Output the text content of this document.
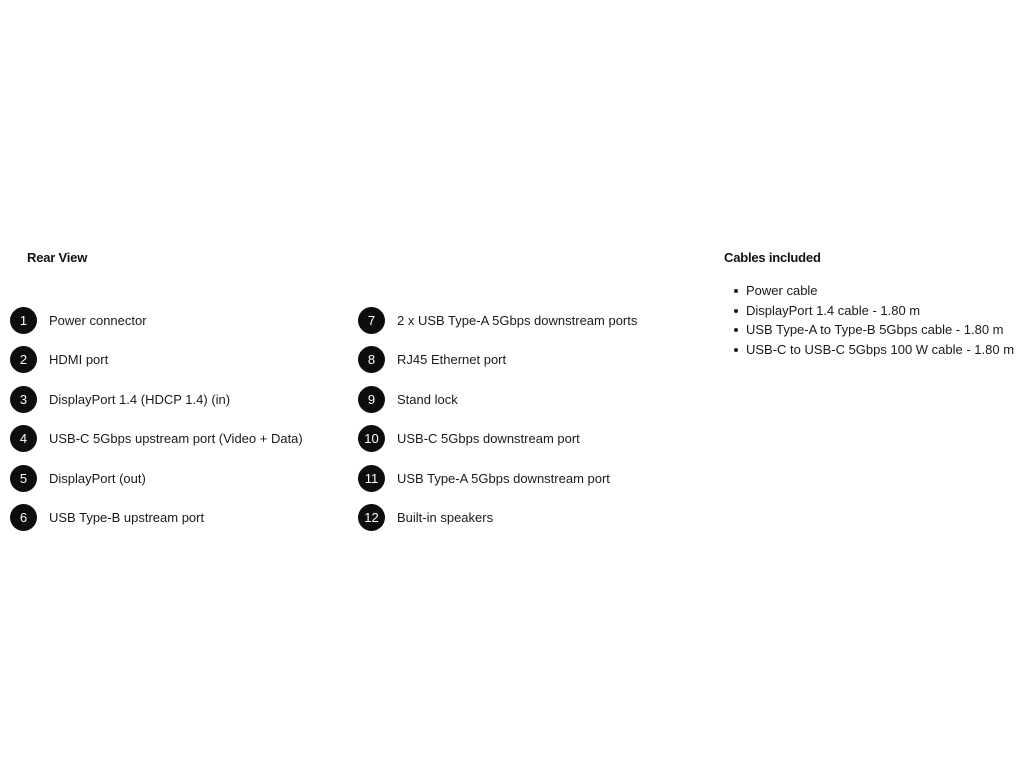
Rear View
1	Power connector
2	HDMI port
3	DisplayPort 1.4 (HDCP 1.4) (in)
4	USB-C 5Gbps upstream port (Video + Data)
5	DisplayPort (out)
6	USB Type-B upstream port
7	2 x USB Type-A 5Gbps downstream ports
8	RJ45 Ethernet port
9	Stand lock
10	USB-C 5Gbps downstream port
11	USB Type-A 5Gbps downstream port
12	Built-in speakers
Cables included
Power cable
DisplayPort 1.4 cable - 1.80 m
USB Type-A to Type-B 5Gbps cable - 1.80 m
USB-C to USB-C 5Gbps 100 W cable - 1.80 m
